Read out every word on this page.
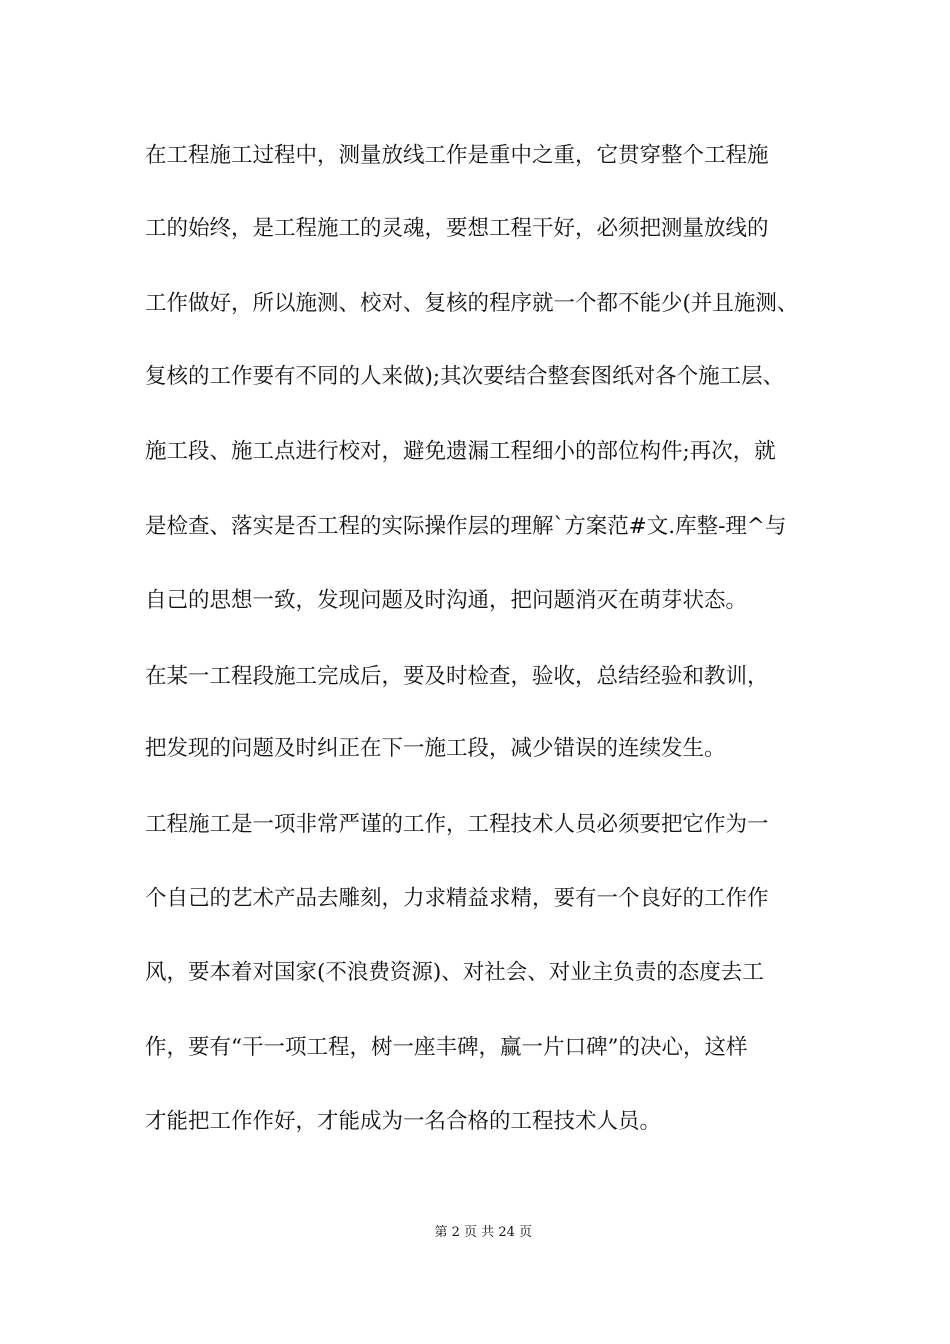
在工程施工过程中，测量放线工作是重中之重，它贯穿整个工程施
工的始终，是工程施工的灵魂，要想工程干好，必须把测量放线的
工作做好，所以施测、校对、复核的程序就一个都不能少(并且施测、
复核的工作要有不同的人来做);其次要结合整套图纸对各个施工层、
施工段、施工点进行校对，避免遗漏工程细小的部位构件;再次，就
是检查、落实是否工程的实际操作层的理解`方案范#文.库整-理^与
自己的思想一致，发现问题及时沟通，把问题消灭在萌芽状态。
在某一工程段施工完成后，要及时检查，验收，总结经验和教训，
把发现的问题及时纠正在下一施工段，减少错误的连续发生。
工程施工是一项非常严谨的工作，工程技术人员必须要把它作为一
个自己的艺术产品去雕刻，力求精益求精，要有一个良好的工作作
风，要本着对国家(不浪费资源)、对社会、对业主负责的态度去工
作，要有“干一项工程，树一座丰碑，赢一片口碑”的决心，这样
才能把工作作好，才能成为一名合格的工程技术人员。

第 2 页 共 24 页
